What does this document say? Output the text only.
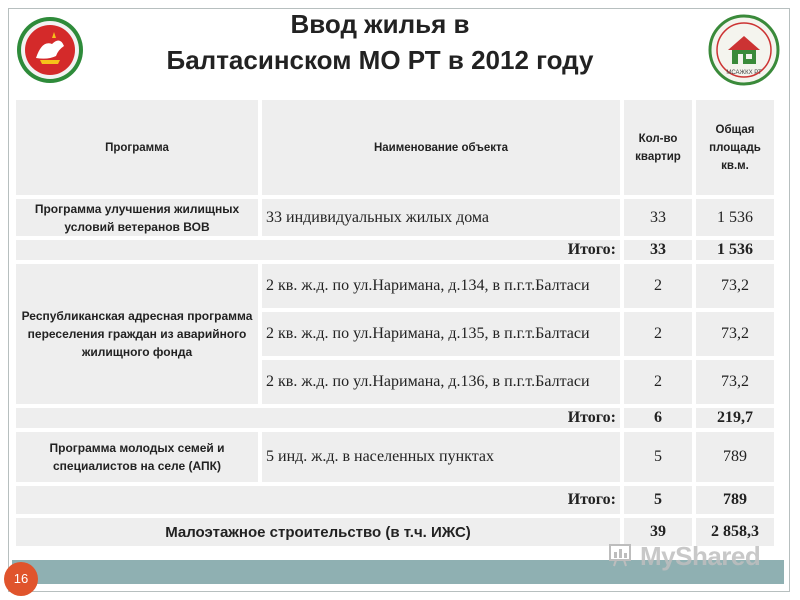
Ввод жилья в
Балтасинском МО РТ в 2012 году	МСАЖКХ РТ
Программа	Наименование объекта	Кол-во квартир	Общая площадь кв.м.
Программа улучшения жилищных условий ветеранов ВОВ	33 индивидуальных жилых дома	33	1 536
Итого:		33	1 536
Республиканская адресная программа переселения граждан из аварийного жилищного фонда	2 кв. ж.д. по ул.Наримана, д.134, в п.г.т.Балтаси	2	73,2
	2 кв. ж.д. по ул.Наримана, д.135, в п.г.т.Балтаси	2	73,2
	2 кв. ж.д. по ул.Наримана, д.136, в п.г.т.Балтаси	2	73,2
Итого:		6	219,7
Программа молодых семей и специалистов на селе (АПК)	5 инд. ж.д. в населенных пунктах	5	789
Итого:		5	789
Малоэтажное строительство (в т.ч. ИЖС)		39	2 858,3
16
MyShared
